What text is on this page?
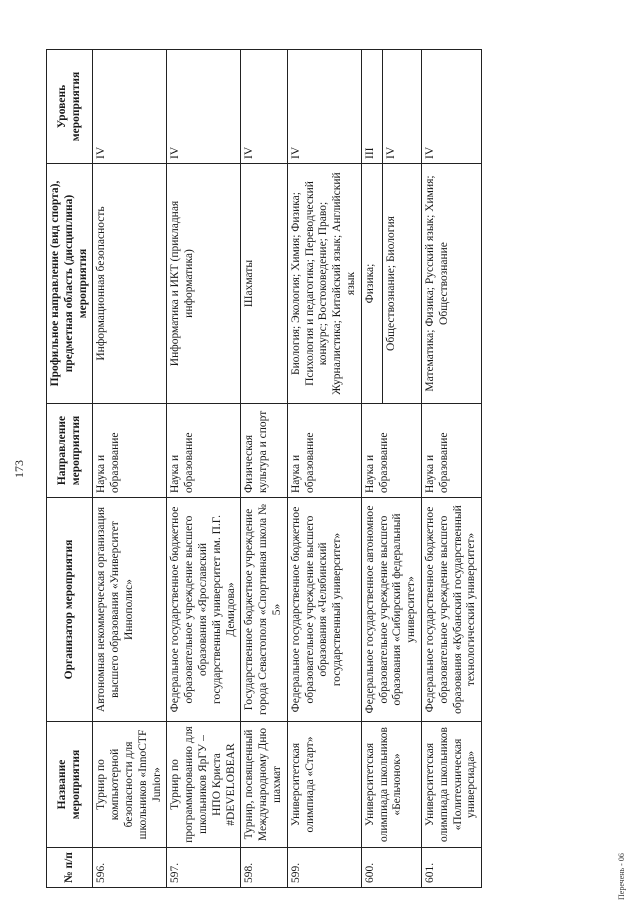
173
№ п/п	Название мероприятия	Организатор мероприятия	Направление мероприятия	Профильное направление (вид спорта), предметная область (дисциплина) мероприятия	Уровень мероприятия
596.	Турнир по компьютерной безопасности для школьников «InnoCTF Junior»	Автономная некоммерческая организация высшего образования «Университет Иннополис»	Наука и образование	Информационная безопасность	IV

597.	Турнир по программированию для школьников ЯрГУ – НПО Криста #DEVELOBEAR	Федеральное государственное бюджетное образовательное учреждение высшего образования «Ярославский государственный университет им. П.Г. Демидова»	Наука и образование	Информатика и ИКТ (прикладная информатика)	IV

598.	Турнир, посвященный Международному Дню шахмат	Государственное бюджетное учреждение города Севастополя «Спортивная школа № 5»	Физическая культура и спорт	Шахматы	IV

599.	Университетская олимпиада «Старт»	Федеральное государственное бюджетное образовательное учреждение высшего образования «Челябинский государственный университет»	Наука и образование	Биология; Экология; Химия; Физика; Психология и педагогика; Переводческий конкурс; Востоковедение; Право; Журналистика; Китайский язык; Английский язык	IV

600.	Университетская олимпиада школьников «Бельчонок»	Федеральное государственное автономное образовательное учреждение высшего образования «Сибирский федеральный университет»	Наука и образование	Физика; Обществознание; Биология	III IV

601.	Университетская олимпиада школьников «Политехническая универсиада»	Федеральное государственное бюджетное образовательное учреждение высшего образования «Кубанский государственный технологический университет»	Наука и образование	Математика; Физика; Русский язык; Химия; Обществознание	IV
Перечень - 06
